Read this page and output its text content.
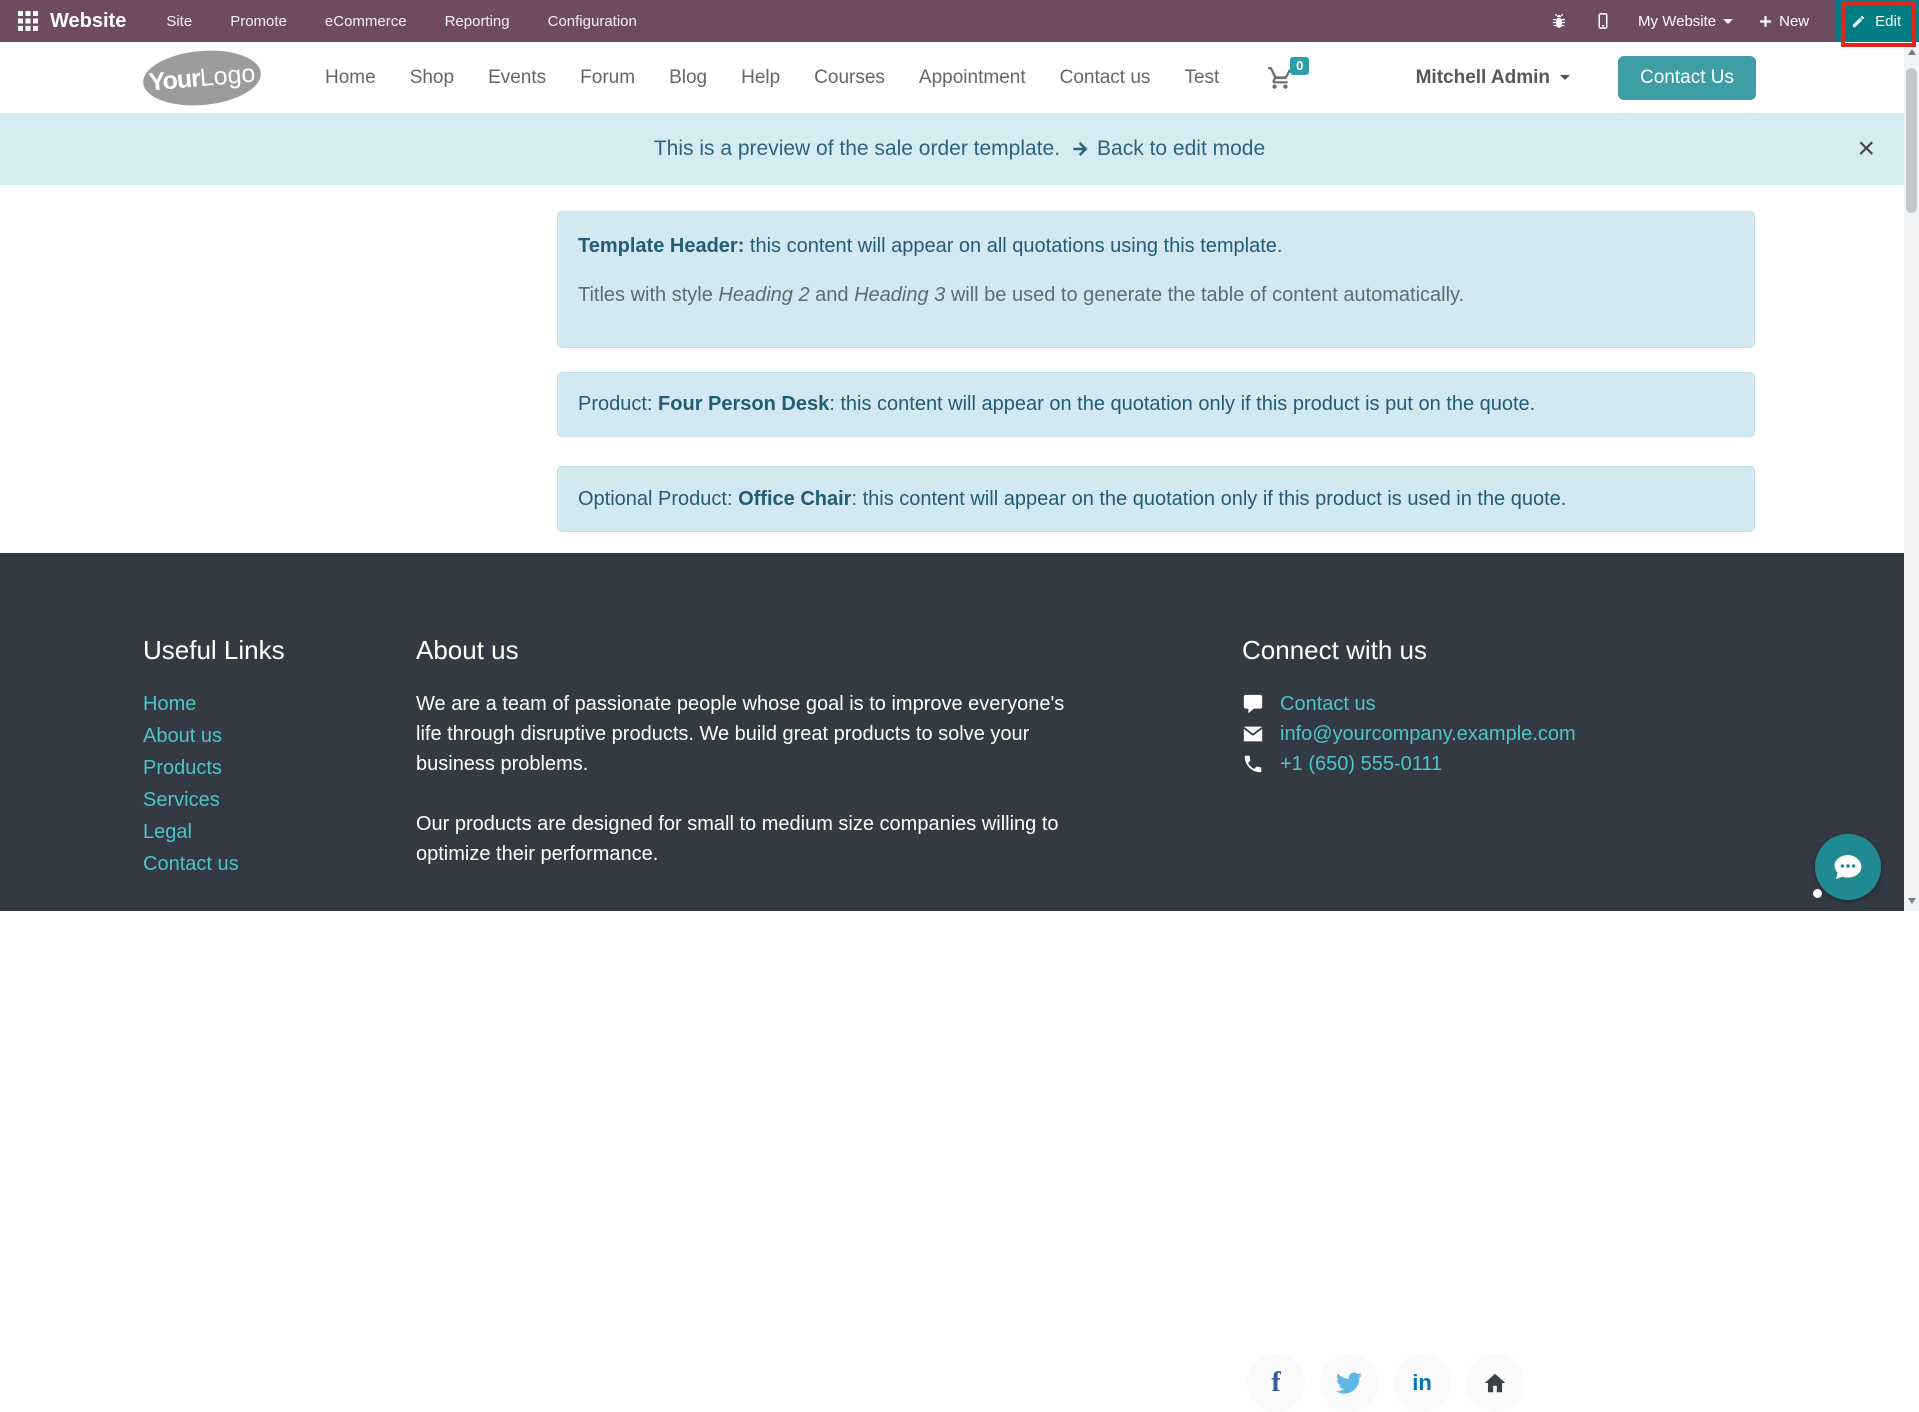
Website	Site	Promote	eCommerce	Reporting	Configuration	My Website	New	Edit
Your
Logo	Home Shop Events Forum Blog Help Courses Appointment Contact us Test
0
Mitchell Admin	Contact Us
This is a preview of the sale order template. Back to edit mode	×

Template Header: this content will appear on all quotations using this template.

Titles with style Heading 2 and Heading 3 will be used to generate the table of content automatically.

Product: Four Person Desk: this content will appear on the quotation only if this product is put on the quote.

Optional Product: Office Chair: this content will appear on the quotation only if this product is used in the quote.

Useful Links
Home
About us
Products
Services
Legal
Contact us
About us

We are a team of passionate people whose goal is to improve everyone's life through disruptive products. We build great products to solve your business problems.

Our products are designed for small to medium size companies willing to optimize their performance.

Connect with us
Contact us
info@yourcompany.example.com
+1 (650) 555-0111
f	in
